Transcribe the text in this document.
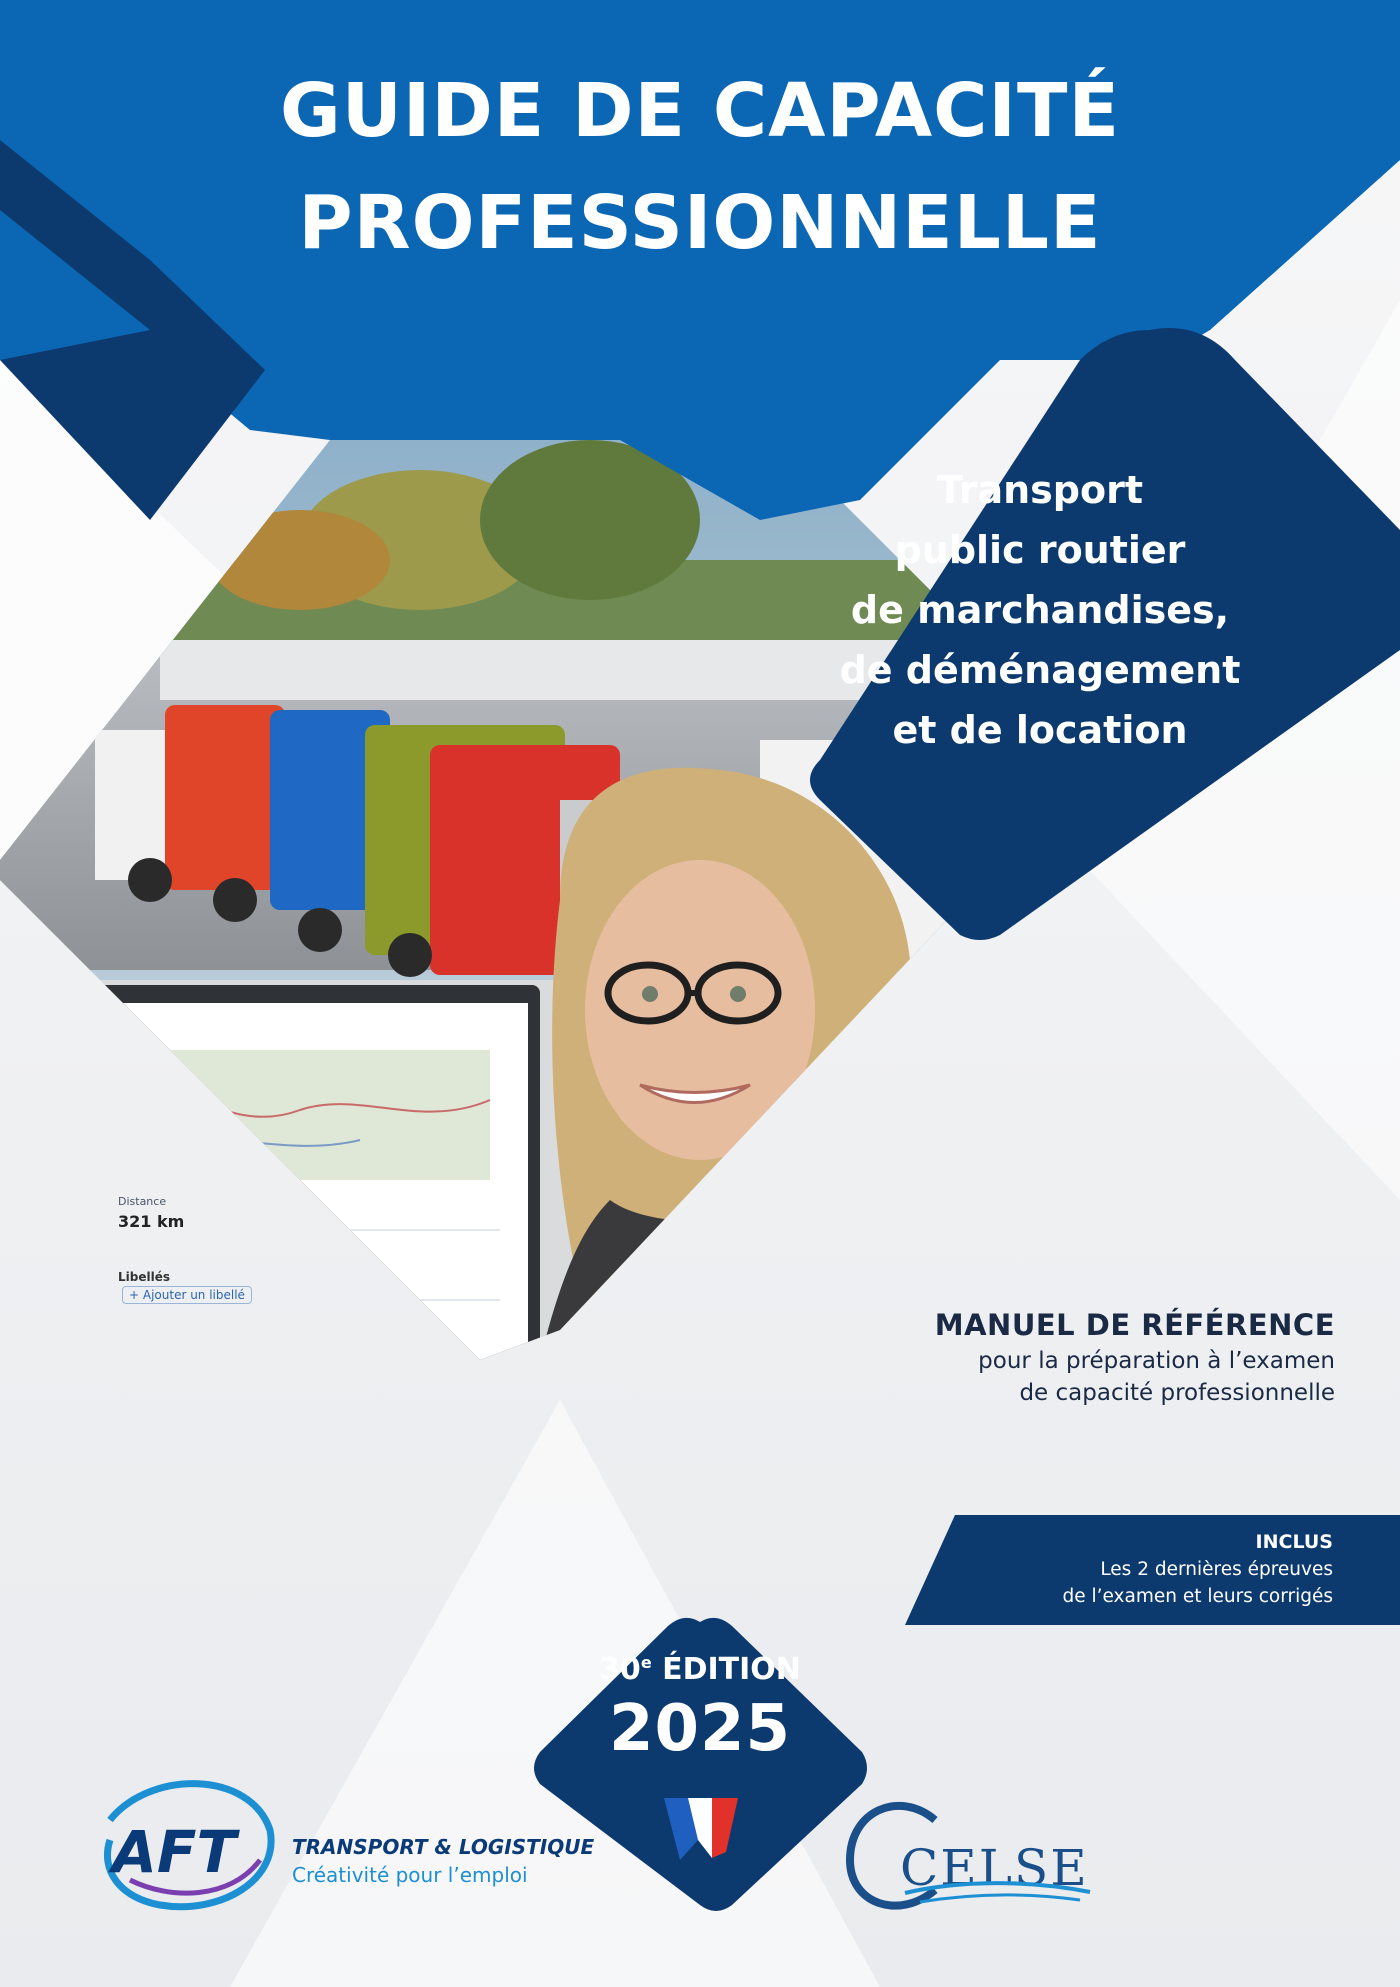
AFT	CELSE
Distance
321 km
Libellés
+ Ajouter un libellé
GUIDE DE CAPACITÉ
PROFESSIONNELLE
Transport
public routier
de marchandises,
de déménagement
et de location
MANUEL DE RÉFÉRENCE
pour la préparation à l’examen
de capacité professionnelle
INCLUS
Les 2 dernières épreuves
de l’examen et leurs corrigés
30e ÉDITION
2025
TRANSPORT & LOGISTIQUE
Créativité pour l’emploi
